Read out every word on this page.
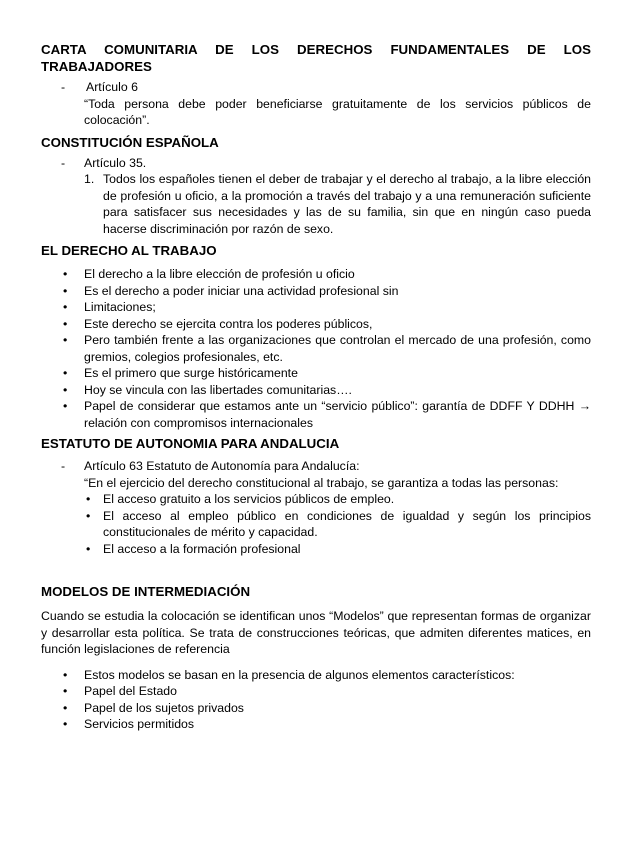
CARTA COMUNITARIA DE LOS DERECHOS FUNDAMENTALES DE LOS TRABAJADORES
-	Artículo 6

“Toda persona debe poder beneficiarse gratuitamente de los servicios públicos de colocación”.

CONSTITUCIÓN ESPAÑOLA
-	Artículo 35.

1. Todos los españoles tienen el deber de trabajar y el derecho al trabajo, a la libre elección de profesión u oficio, a la promoción a través del trabajo y a una remuneración suficiente para satisfacer sus necesidades y las de su familia, sin que en ningún caso pueda hacerse discriminación por razón de sexo.
EL DERECHO AL TRABAJO
•	El derecho a la libre elección de profesión u oficio
•	Es el derecho a poder iniciar una actividad profesional sin
•	Limitaciones;
•	Este derecho se ejercita contra los poderes públicos,
•	Pero también frente a las organizaciones que controlan el mercado de una profesión, como gremios, colegios profesionales, etc.
•	Es el primero que surge históricamente
•	Hoy se vincula con las libertades comunitarias….
•	Papel de considerar que estamos ante un “servicio público”: garantía de DDFF Y DDHH → relación con compromisos internacionales
ESTATUTO DE AUTONOMIA PARA ANDALUCIA
-	Artículo 63 Estatuto de Autonomía para Andalucía:

“En el ejercicio del derecho constitucional al trabajo, se garantiza a todas las personas:

•	El acceso gratuito a los servicios públicos de empleo.
•	El acceso al empleo público en condiciones de igualdad y según los principios constitucionales de mérito y capacidad.
•	El acceso a la formación profesional
MODELOS DE INTERMEDIACIÓN

Cuando se estudia la colocación se identifican unos “Modelos” que representan formas de organizar y desarrollar esta política. Se trata de construcciones teóricas, que admiten diferentes matices, en función legislaciones de referencia

•	Estos modelos se basan en la presencia de algunos elementos característicos:
•	Papel del Estado
•	Papel de los sujetos privados
•	Servicios permitidos
